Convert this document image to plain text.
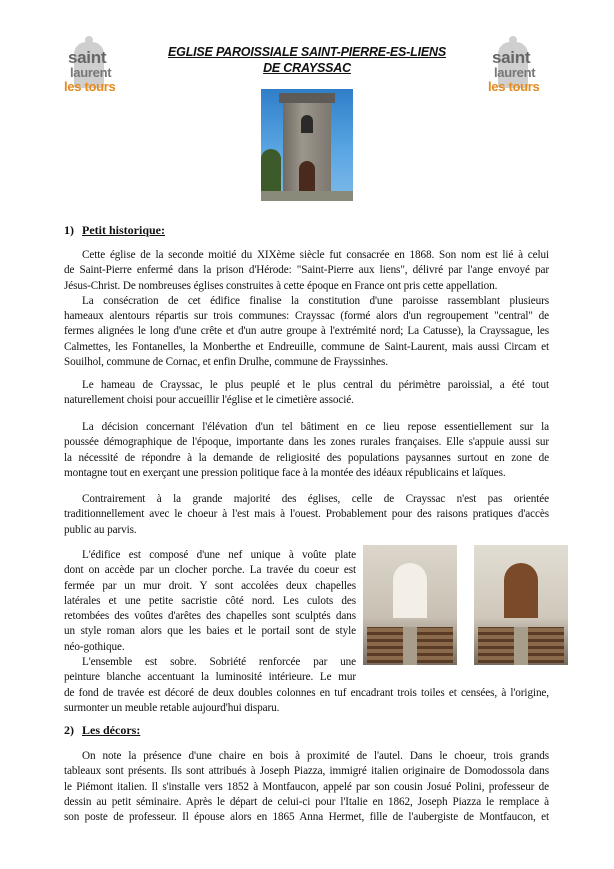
saint
laurent
les tours
saint
laurent
les tours
EGLISE PAROISSIALE SAINT-PIERRE-ES-LIENS
DE CRAYSSAC
1) Petit historique:
Cette église de la seconde moitié du XIXème siècle fut consacrée en 1868. Son nom est lié à celui
de Saint-Pierre enfermé dans la prison d'Hérode: "Saint-Pierre aux liens", délivré par l'ange envoyé par
Jésus-Christ. De nombreuses églises construites à cette époque en France ont pris cette appellation.
La consécration de cet édifice finalise la constitution d'une paroisse rassemblant plusieurs
hameaux alentours répartis sur trois communes: Crayssac (formé alors d'un regroupement "central" de
fermes alignées le long d'une crête et d'un autre groupe à l'extrémité nord; La Catusse), la Crayssague, les
Calmettes, les Fontanelles, la Monberthe et Endreuille, commune de Saint-Laurent, mais aussi Circam et
Souilhol, commune de Cornac, et enfin Drulhe, commune de Frayssinhes.
Le hameau de Crayssac, le plus peuplé et le plus central du périmètre paroissial, a été tout
naturellement choisi pour accueillir l'église et le cimetière associé.
La décision concernant l'élévation d'un tel bâtiment en ce lieu repose essentiellement sur la
poussée démographique de l'époque, importante dans les zones rurales françaises. Elle s'appuie aussi sur
la nécessité de répondre à la demande de religiosité des populations paysannes surtout en zone de
montagne tout en exerçant une pression politique face à la montée des idéaux républicains et laïques.
Contrairement à la grande majorité des églises, celle de Crayssac n'est pas orientée
traditionnellement avec le choeur à l'est mais à l'ouest. Probablement pour des raisons pratiques d'accès
public au parvis.
L'édifice est composé d'une nef unique à voûte plate
dont on accède par un clocher porche. La travée du coeur est
fermée par un mur droit. Y sont accolées deux chapelles
latérales et une petite sacristie côté nord. Les culots des
retombées des voûtes d'arêtes des chapelles sont sculptés dans
un style roman alors que les baies et le portail sont de style
néo-gothique.
L'ensemble est sobre. Sobriété renforcée par une
peinture blanche accentuant la luminosité intérieure. Le mur
de fond de travée est décoré de deux doubles colonnes en tuf encadrant trois toiles et censées, à l'origine,
surmonter un meuble retable aujourd'hui disparu.
2) Les décors:
On note la présence d'une chaire en bois à proximité de l'autel. Dans le choeur, trois grands
tableaux sont présents. Ils sont attribués à Joseph Piazza, immigré italien originaire de Domodossola dans
le Piémont italien. Il s'installe vers 1852 à Montfaucon, appelé par son cousin Josué Polini, professeur de
dessin au petit séminaire. Après le départ de celui-ci pour l'Italie en 1862, Joseph Piazza le remplace à
son poste de professeur. Il épouse alors en 1865 Anna Hermet, fille de l'aubergiste de Montfaucon, et
